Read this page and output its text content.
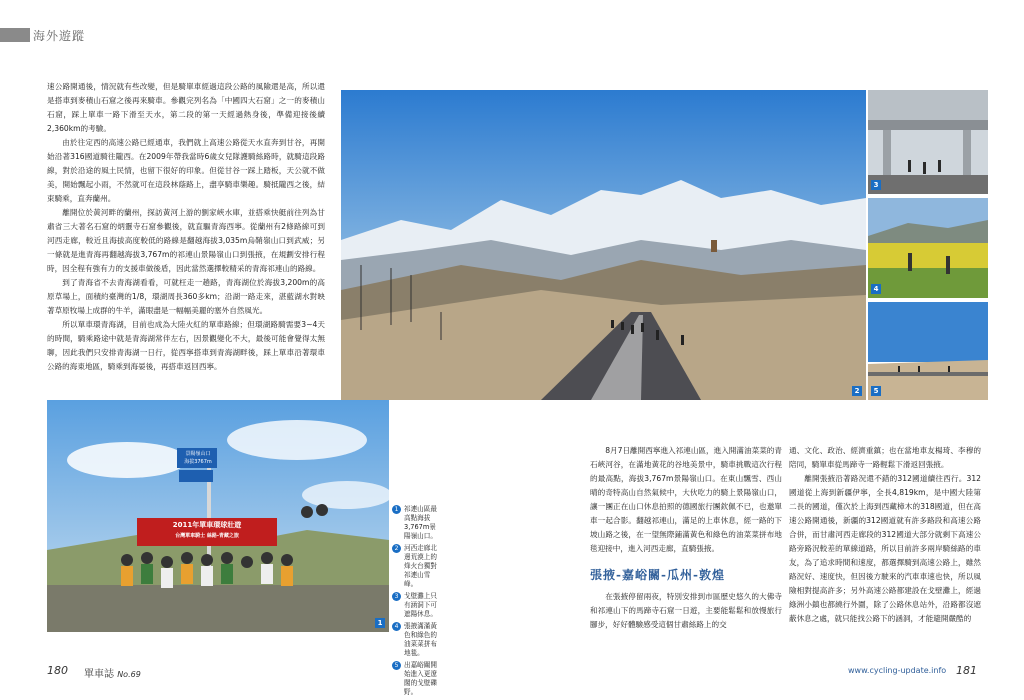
海外遊蹤

速公路開通後，情況就有些改變，但是騎單車經過這段公路的風險還是高，所以還是搭車到麥積山石窟之後再來騎車。參觀完列名為「中國四大石窟」之一的麥積山石窟，踩上單車一路下滑至天水，第二段的第一天經過熱身後，準備迎接後續2,360km的考驗。

由於往定西的高速公路已經通車，我們就上高速公路從天水直奔到甘谷，再開始沿著316國道騎往隴西。在2009年帶我當時6歲女兒隊護騎絲路時，就騎這段路線，對於沿途的風土民情，也留下很好的印象。但從甘谷一踩上踏板，天公就不做美，開始飄起小雨，不然就可在這段林蔭路上，盡享騎車樂趣。騎抵隴西之後，結束騎乘，直奔蘭州。

離開位於黃河畔的蘭州，探訪黃河上游的劉家峽水庫，並搭乘快艇前往列為甘肅省三大著名石窟的炳靈寺石窟參觀後，就直驅青海西寧。從蘭州有2條路線可到河西走廊，較近且海拔高度較低的路線是翻越海拔3,035m烏鞘嶺山口到武威；另一條就是進青海再翻越海拔3,767m的祁連山景陽嶺山口到張掖，在規劃安排行程時，因全程有強有力的支援車做後盾，因此當然選擇較精采的青海祁連山的路線。

到了青海省不去青海湖看看，可就枉走一趟路，青海湖位於海拔3,200m的高原草場上，面積約臺灣的1/8，環湖周長360多km；沿湖一路走來，湛藍湖水對映著草原牧場上成群的牛羊，滿眼盡是一幅幅美麗的塞外自然風光。

所以單車環青海湖，目前也成為大陸火紅的單車路線；但環湖路騎需要3~4天的時間，騎乘路途中就是青海湖常伴左右，因景觀變化不大，最後可能會覺得太無聊，因此我們只安排青海湖一日行，從西寧搭車到青海湖畔後，踩上單車沿著環車公路的海東地區，騎乘到海晏後，再搭車返回西寧。

2
3
4
5
景陽嶺山口
海拔3767m
2011年單車環球壯遊
台灣單車騎士 絲路-青藏之旅
1
1 祁連山區最高點海拔3,767m景陽嶺山口。
2 河西走廊北邊荒漠上的烽火台獨對祁連山雪峰。
3 戈壁灘上只有涵洞下可遮陽休息。
4 張掖滿滿黃色和綠色的油菜菜拼布地毯。
5 出嘉峪關開始進入更遼闊的戈壁礫野。

8月7日離開西寧進入祁連山區，進入開滿油菜菜的青石峽河谷，在滿地黃花的谷地美景中，騎車挑戰這次行程的最高點，海拔3,767m景陽嶺山口。在東山飄雪、西山晴的奇特高山自然氣候中，大伙吃力的騎上景陽嶺山口，讓一團正在山口休息拍照的德國旅行團欽佩不已，也邀單車一起合影。翻越祁連山，滿足的上車休息，經一路的下坡山路之後，在一望無際鋪滿黃色和綠色的油菜菜拼布地毯迎接中，進入河西走廊，直騎張掖。

張掖-嘉峪關-瓜州-敦煌

在張掖停留兩夜，特別安排到市區歷史悠久的大佛寺和祁連山下的馬蹄寺石窟一日遊，主要能鬆鬆和放慢旅行腳步，好好體驗感受這個甘肅絲路上的交

通、文化、政治、經濟重鎮；也在當地車友楊琦、李穆的陪同，騎單車從馬蹄寺一路輕鬆下滑返回張掖。

離開張掖沿著路況還不錯的312國道續往西行。312國道從上海到新疆伊寧，全長4,819km，是中國大陸第二長的國道，僅次於上海到西藏樟木的318國道，但在高速公路開通後，新疆的312國道就有許多路段和高速公路合併，而甘肅河西走廊段的312國道大部分就剩下高速公路旁路況較差的單線道路，所以目前許多兩岸騎絲路的車友，為了追求時間和速度，都選擇騎到高速公路上，雖然路況好、速度快，但因後方駛來的汽車車速也快，所以風險相對提高許多；另外高速公路都建設在戈壁灘上，經過綠洲小鎮也都繞行外圍，除了公路休息站外，沿路都沒遮蔽休息之處，就只能找公路下的涵洞，才能避開嚴酷的

180 單車誌 No.69	www.cycling-update.info 181
